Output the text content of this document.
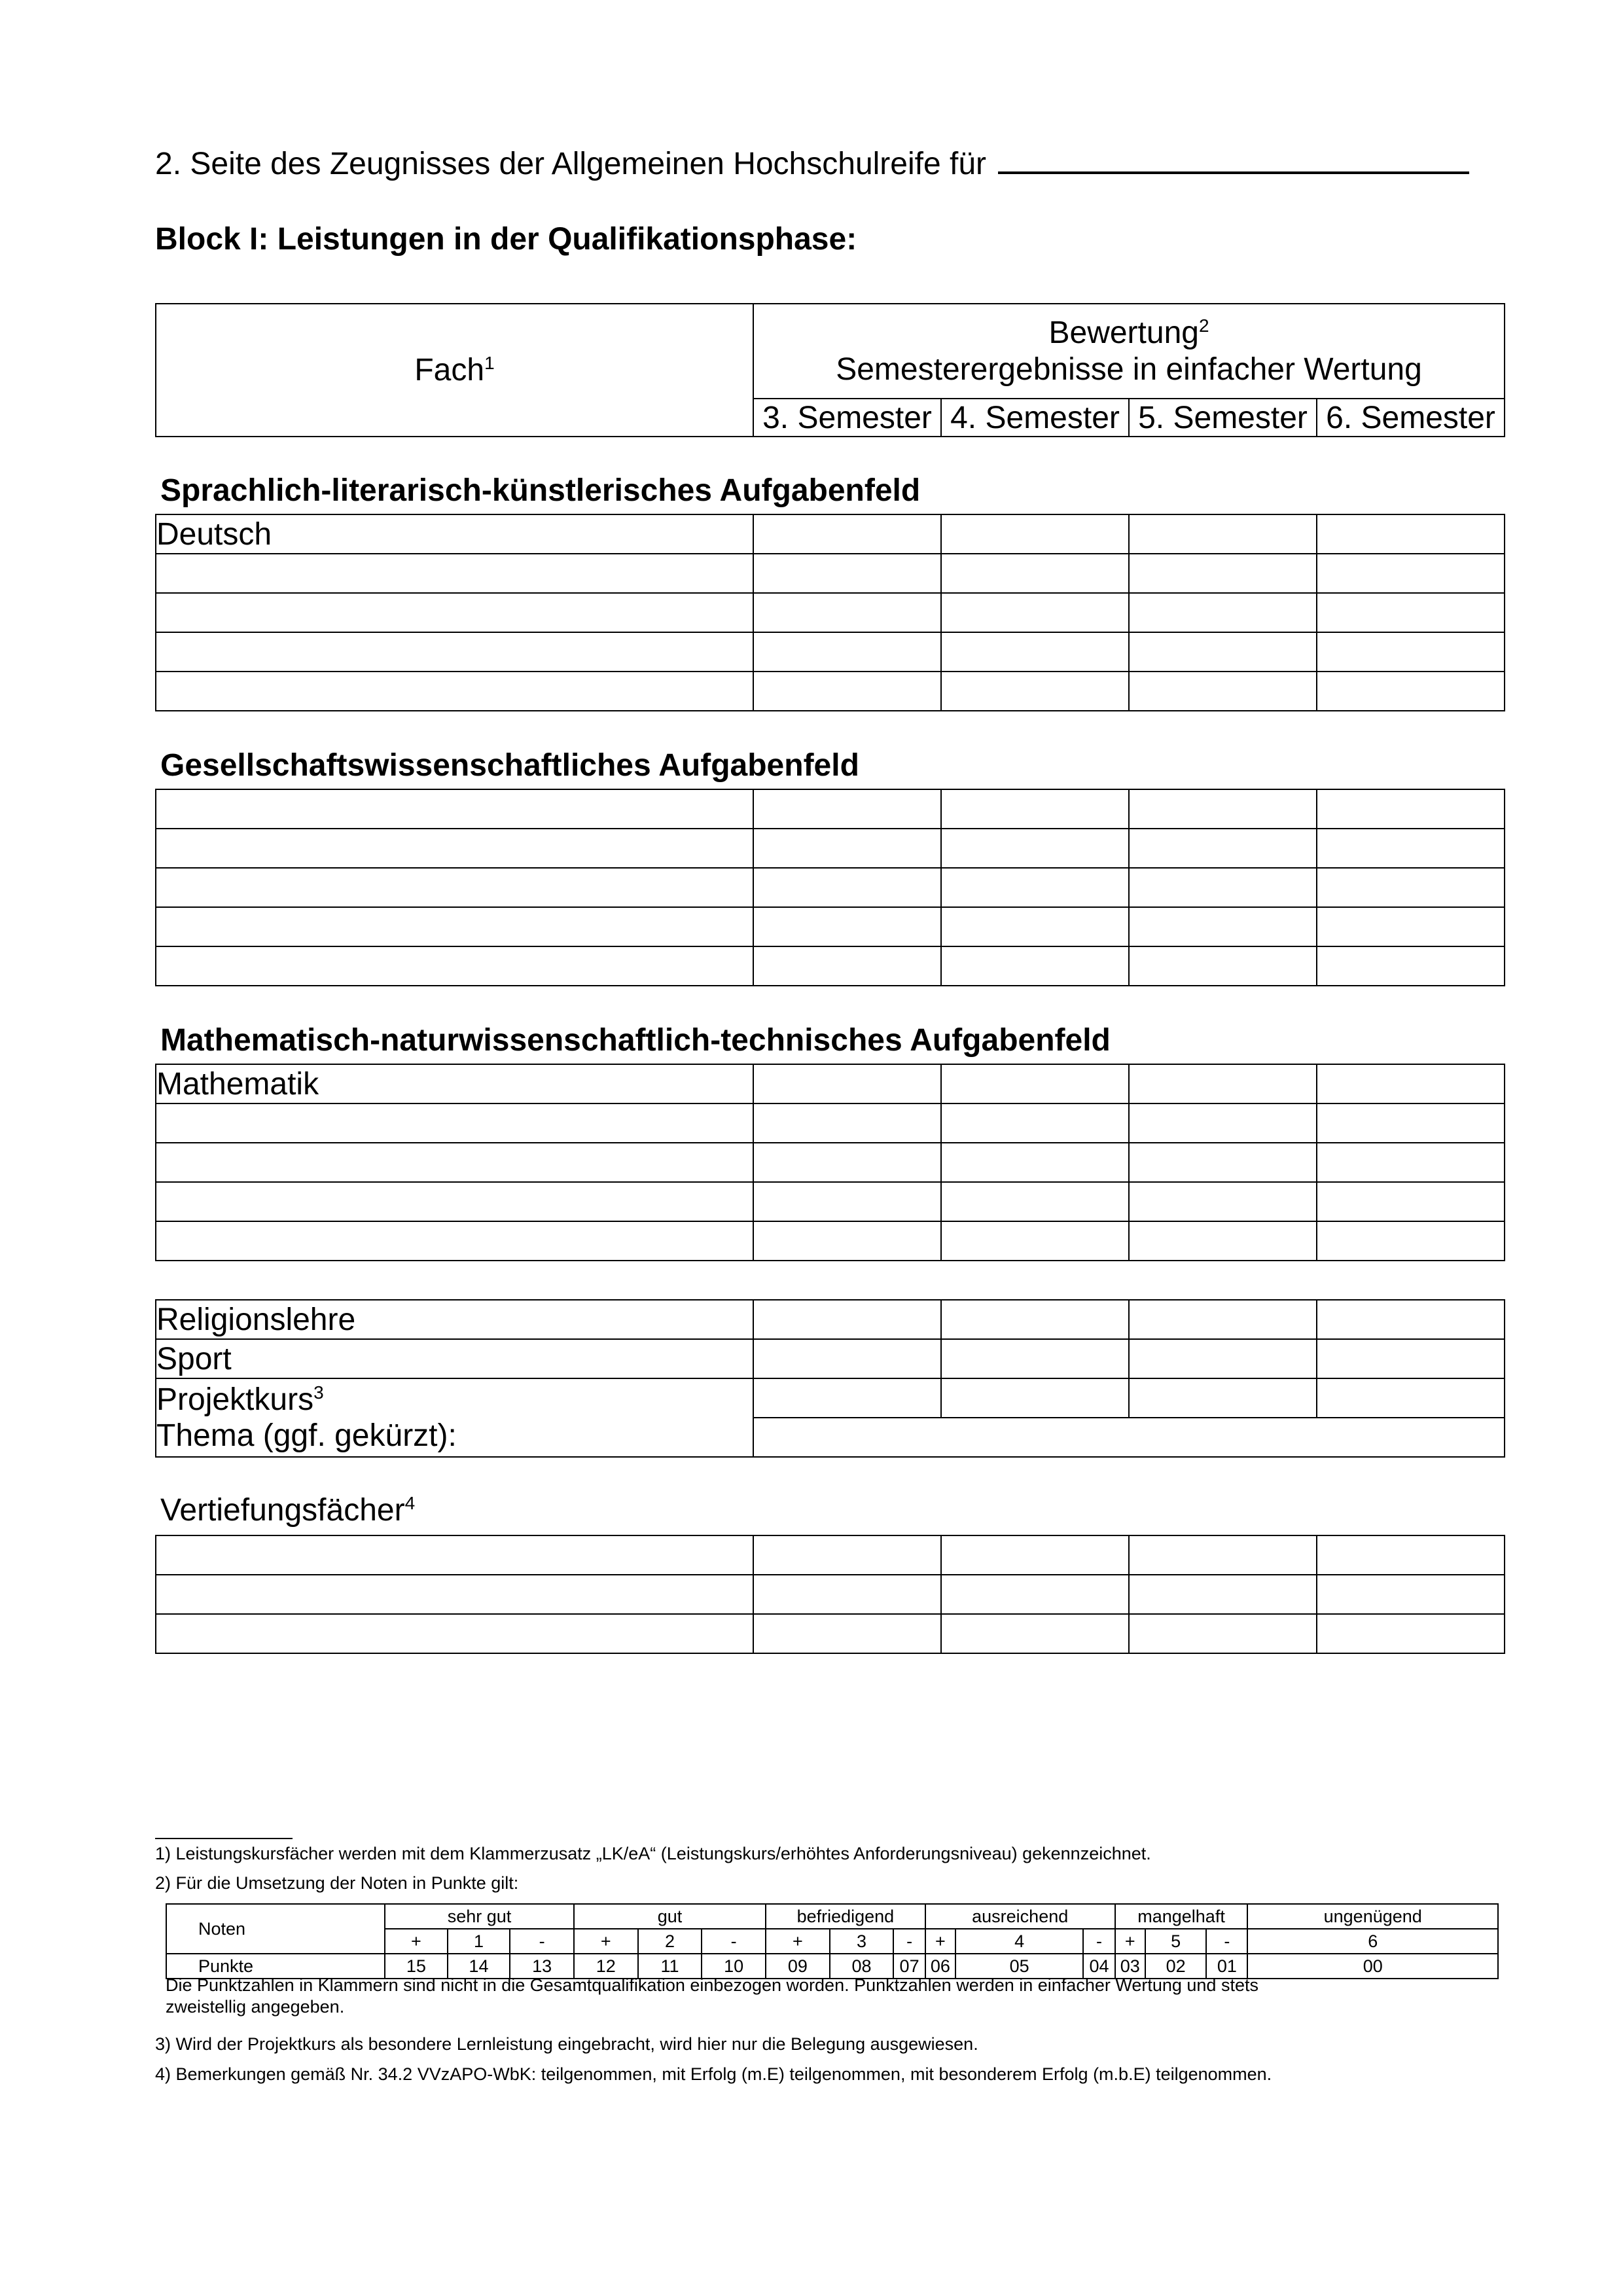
2. Seite des Zeugnisses der Allgemeinen Hochschulreife für
Block I: Leistungen in der Qualifikationsphase:
Fach$^1$	Bewertung$^2$
Semesterergebnisse in einfacher Wertung			

	3. Semester	4. Semester	5. Semester	6. Semester
Sprachlich-literarisch-künstlerisches Aufgabenfeld
Deutsch				

Gesellschaftswissenschaftliches Aufgabenfeld

Mathematisch-naturwissenschaftlich-technisches Aufgabenfeld
Mathematik				

Religionslehre				
Sport				

Projektkurs$^3$
Thema (ggf. gekürzt):				

Vertiefungsfächer$^4$

1) Leistungskursfächer werden mit dem Klammerzusatz „LK/eA“ (Leistungskurs/erhöhtes Anforderungsniveau) gekennzeichnet.
2) Für die Umsetzung der Noten in Punkte gilt:
Noten	sehr gut			gut			befriedigend			ausreichend			mangelhaft			ungenügend
	+	1	-	+	2	-	+	3	-	+	4	-	+	5	-	6
Punkte	15	14	13	12	11	10	09	08	07	06	05	04	03	02	01	00
Die Punktzahlen in Klammern sind nicht in die Gesamtqualifikation einbezogen worden. Punktzahlen werden in einfacher Wertung und stets
zweistellig angegeben.
3) Wird der Projektkurs als besondere Lernleistung eingebracht, wird hier nur die Belegung ausgewiesen.
4) Bemerkungen gemäß Nr. 34.2 VVzAPO-WbK: teilgenommen, mit Erfolg (m.E) teilgenommen, mit besonderem Erfolg (m.b.E) teilgenommen.
